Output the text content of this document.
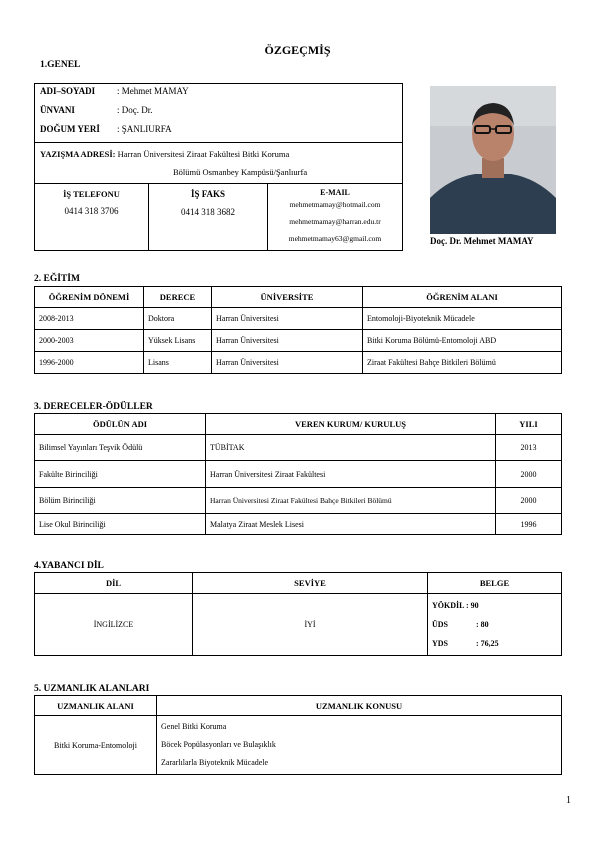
ÖZGEÇMİŞ
1.GENEL
ADI–SOYADI : Mehmet MAMAY
ÜNVANI	: Doç. Dr.
DOĞUM YERİ : ŞANLIURFA
YAZIŞMA ADRESİ: Harran Üniversitesi Ziraat Fakültesi Bitki Koruma
Bölümü Osmanbey Kampüsü/Şanlıurfa
İŞ TELEFONU
0414 318 3706
İŞ FAKS
0414 318 3682
E-MAIL
mehmetmamay@hotmail.com
mehmetmamay@harran.edu.tr
mehmetmamay63@gmail.com	Doç. Dr. Mehmet MAMAY
2. EĞİTİM
ÖĞRENİM DÖNEMİ	DERECE	ÜNİVERSİTE	ÖĞRENİM ALANI
2008-2013	Doktora	Harran Üniversitesi	Entomoloji-Biyoteknik Mücadele
2000-2003	Yüksek Lisans	Harran Üniversitesi	Bitki Koruma Bölümü-Entomoloji ABD
1996-2000	Lisans	Harran Üniversitesi	Ziraat Fakültesi Bahçe Bitkileri Bölümü
3. DERECELER-ÖDÜLLER
ÖDÜLÜN ADI	VEREN KURUM/ KURULUŞ	YILI
Bilimsel Yayınları Teşvik Ödülü	TÜBİTAK	2013
Fakülte Birinciliği	Harran Üniversitesi Ziraat Fakültesi	2000
Bölüm Birinciliği	Harran Üniversitesi Ziraat Fakültesi Bahçe Bitkileri Bölümü	2000
Lise Okul Birinciliği	Malatya Ziraat Meslek Lisesi	1996
4.YABANCI DİL
DİL	SEVİYE	BELGE
İNGİLİZCE	İYİ	YÖKDİL : 90
ÜDS : 80
YDS : 76,25
5. UZMANLIK ALANLARI
UZMANLIK ALANI	UZMANLIK KONUSU
Bitki Koruma-Entomoloji	Genel Bitki Koruma
Böcek Popülasyonları ve Bulaşıklık
Zararlılarla Biyoteknik Mücadele
1
